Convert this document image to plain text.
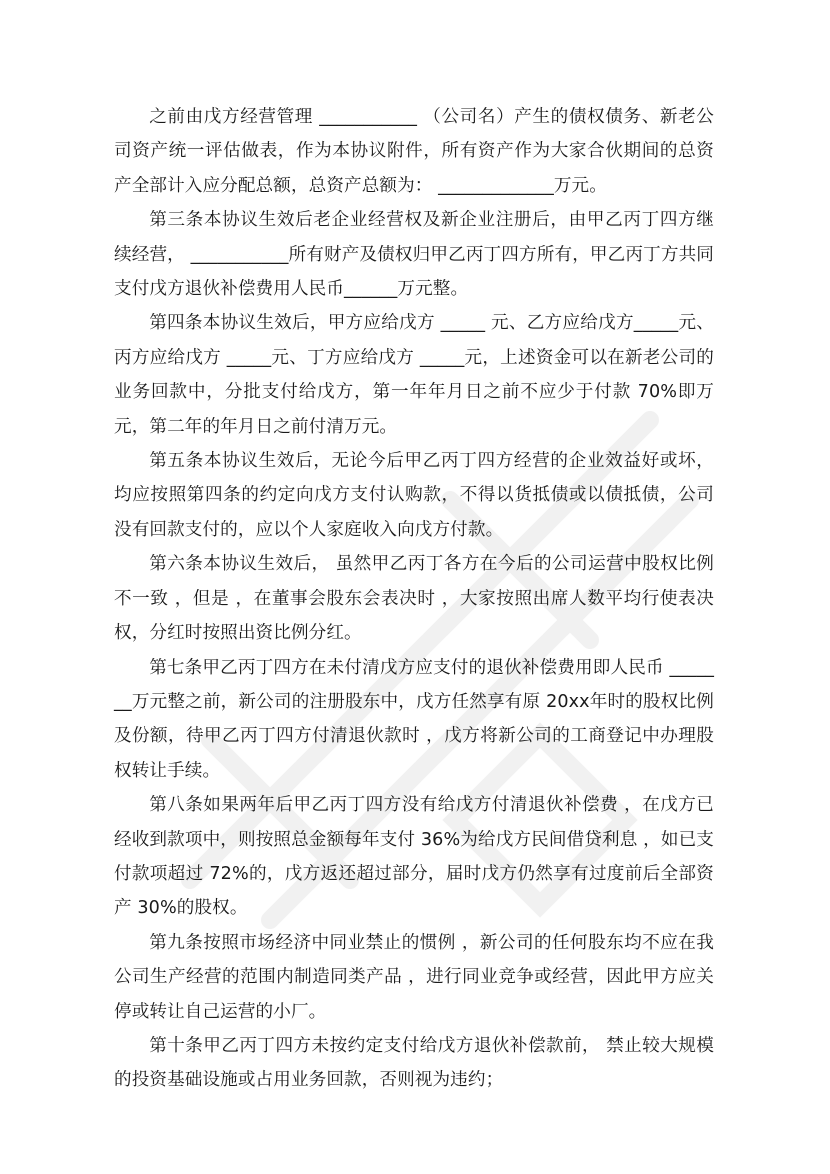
之前由戊方经营管理 ___________ （公司名）产生的债权债务、新老公司资产统一评估做表，作为本协议附件，所有资产作为大家合伙期间的总资产全部计入应分配总额，总资产总额为： _____________万元。

第三条本协议生效后老企业经营权及新企业注册后，由甲乙丙丁四方继续经营， ___________所有财产及债权归甲乙丙丁四方所有，甲乙丙丁方共同支付戊方退伙补偿费用人民币______万元整。

第四条本协议生效后，甲方应给戊方 _____ 元、乙方应给戊方_____元、丙方应给戊方 _____元、丁方应给戊方 _____元，上述资金可以在新老公司的业务回款中，分批支付给戊方，第一年年月日之前不应少于付款 70%即万元，第二年的年月日之前付清万元。

第五条本协议生效后，无论今后甲乙丙丁四方经营的企业效益好或坏，均应按照第四条的约定向戊方支付认购款，不得以货抵债或以债抵债，公司没有回款支付的，应以个人家庭收入向戊方付款。

第六条本协议生效后， 虽然甲乙丙丁各方在今后的公司运营中股权比例不一致 ，但是 ，在董事会股东会表决时 ，大家按照出席人数平均行使表决权，分红时按照出资比例分红。

第七条甲乙丙丁四方在未付清戊方应支付的退伙补偿费用即人民币 _______万元整之前，新公司的注册股东中，戊方任然享有原 20xx年时的股权比例及份额，待甲乙丙丁四方付清退伙款时 ，戊方将新公司的工商登记中办理股权转让手续。

第八条如果两年后甲乙丙丁四方没有给戊方付清退伙补偿费 ，在戊方已经收到款项中，则按照总金额每年支付 36%为给戊方民间借贷利息 ，如已支付款项超过 72%的，戊方返还超过部分，届时戊方仍然享有过度前后全部资产 30%的股权。

第九条按照市场经济中同业禁止的惯例 ，新公司的任何股东均不应在我公司生产经营的范围内制造同类产品 ，进行同业竞争或经营，因此甲方应关停或转让自己运营的小厂。

第十条甲乙丙丁四方未按约定支付给戊方退伙补偿款前， 禁止较大规模的投资基础设施或占用业务回款，否则视为违约；
